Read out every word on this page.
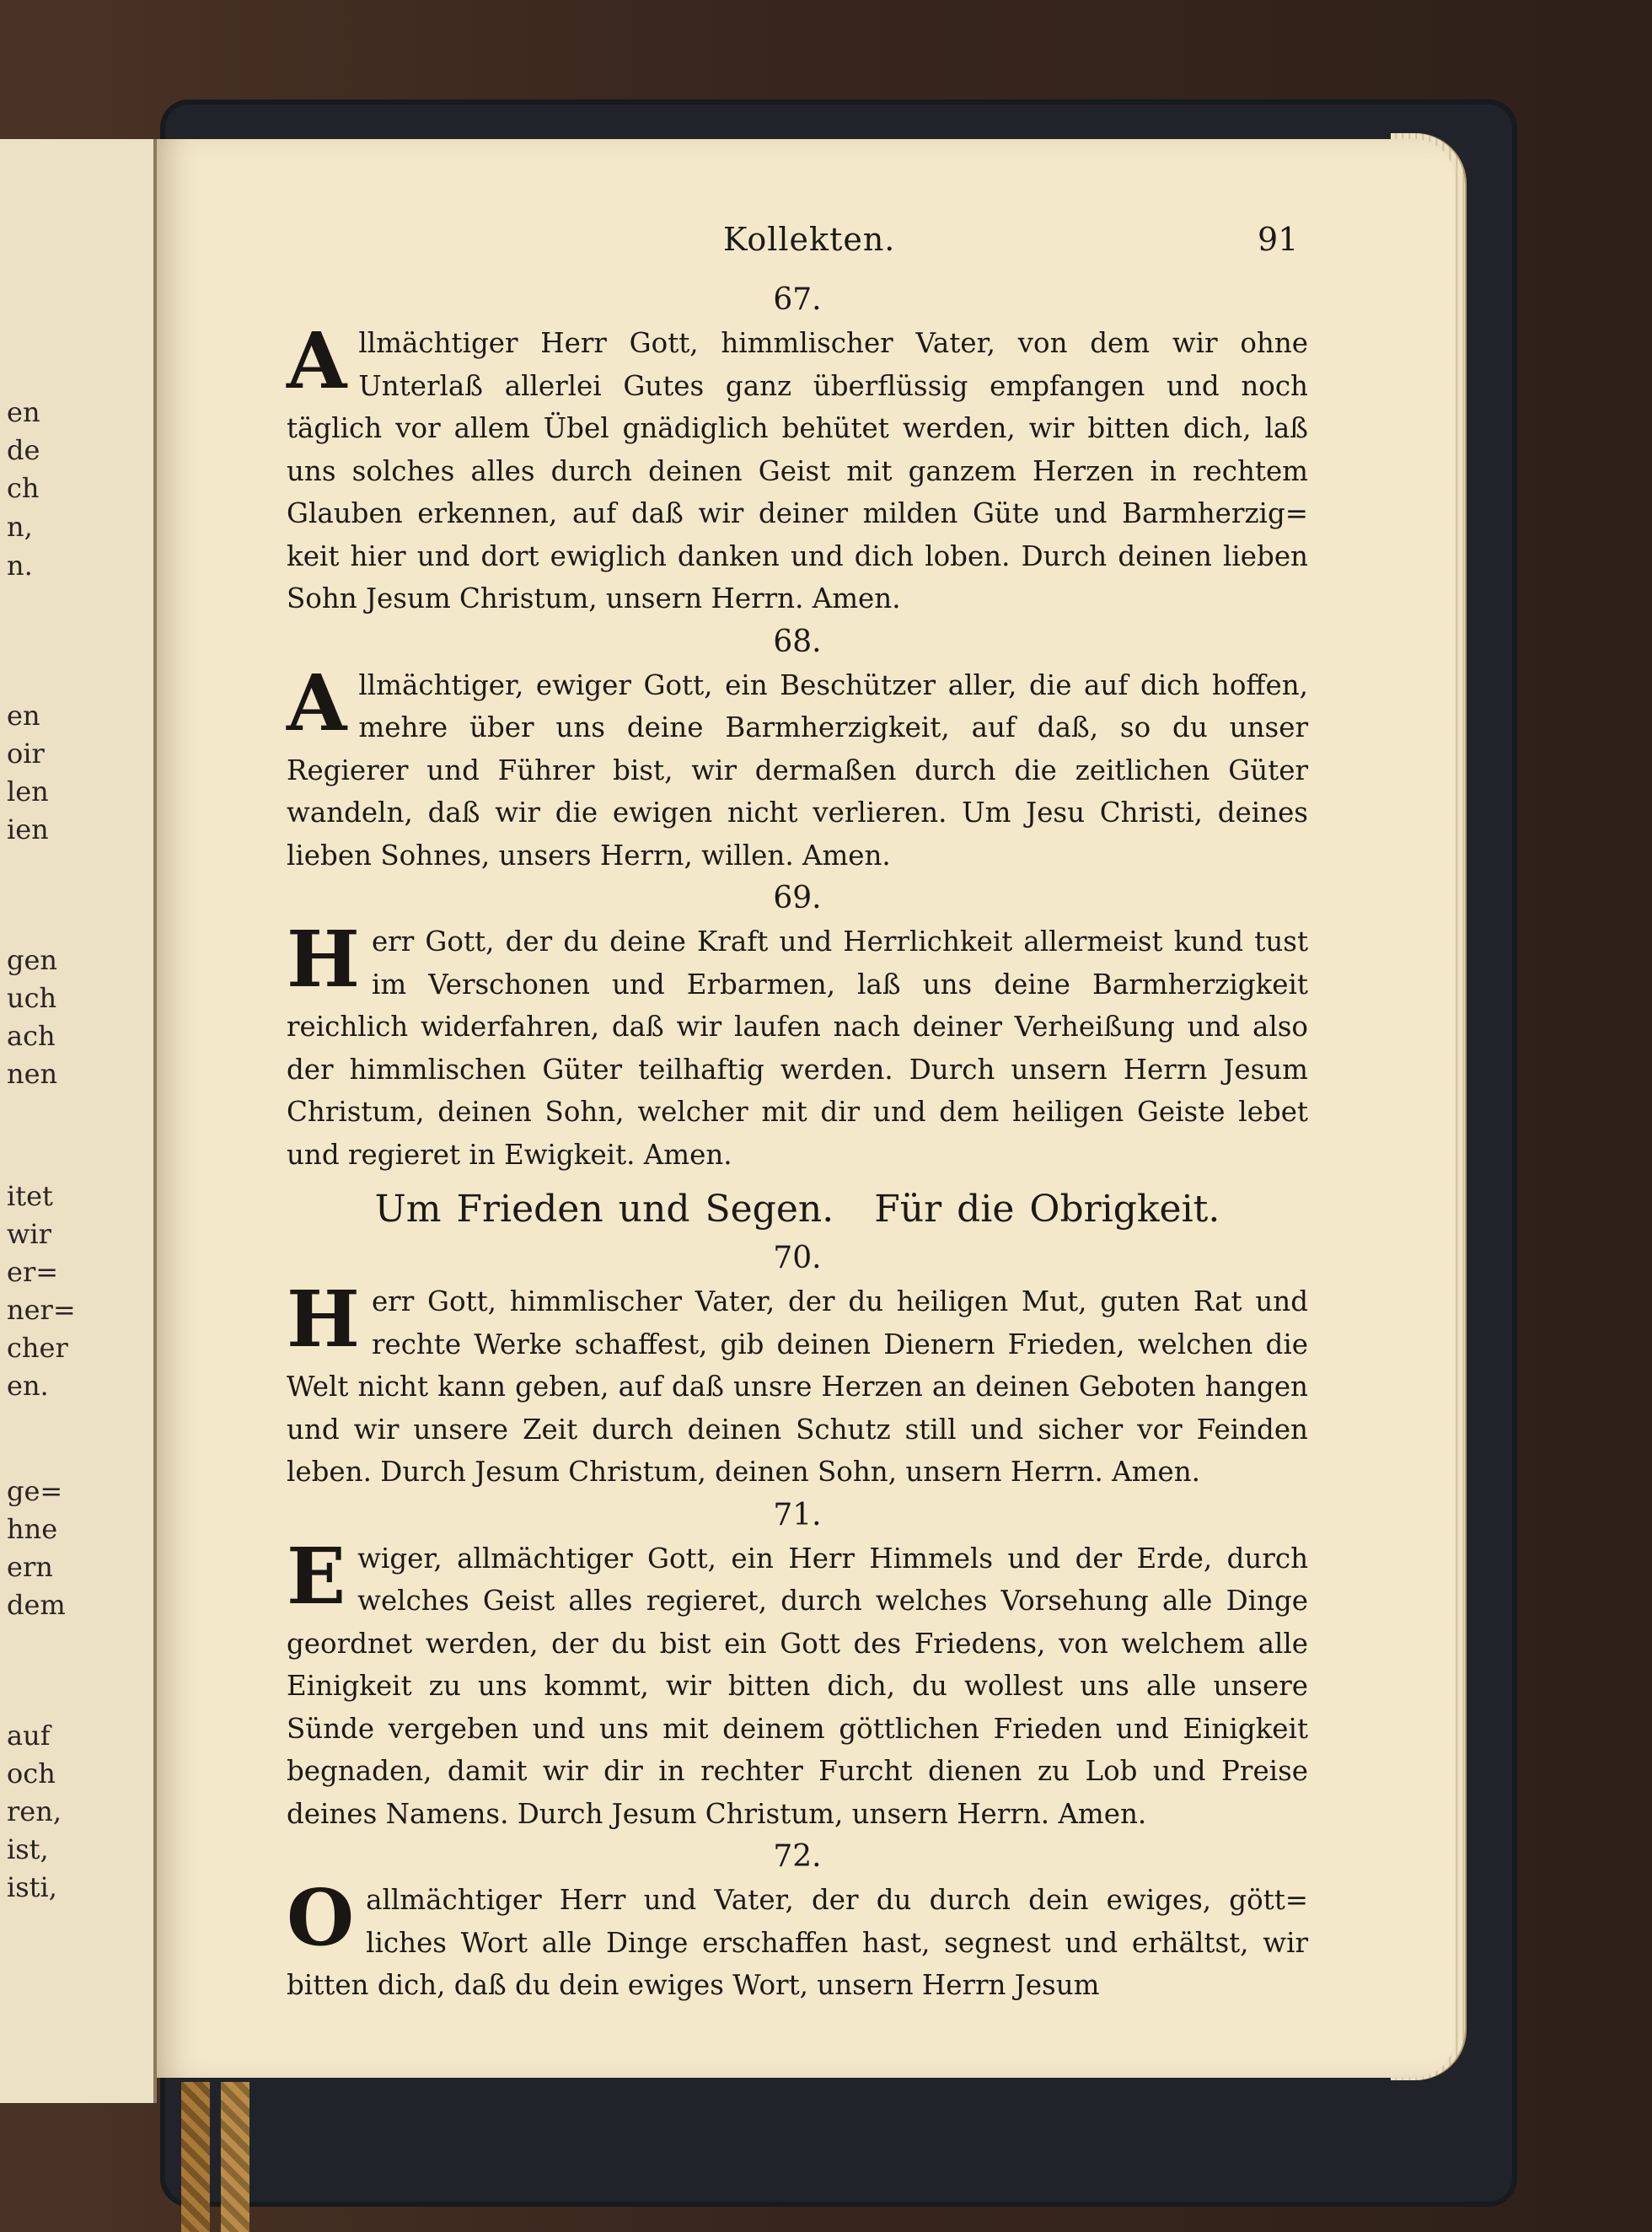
en
de
ch
n,
n.
en
oir
len
ien
gen
uch
ach
nen
itet
wir
er=
ner=
cher
en.
ge=
hne
ern
dem
auf
och
ren,
ist,
isti,
Kollekten.	91
67.
Allmächtiger Herr Gott, himmlischer Vater, von dem wir ohne Unterlaß allerlei Gutes ganz überflüssig empfangen und noch täglich vor allem Übel gnädiglich behütet werden, wir bitten dich, laß uns solches alles durch deinen Geist mit ganzem Herzen in rechtem Glauben erkennen, auf daß wir deiner milden Güte und Barmherzig= keit hier und dort ewiglich danken und dich loben. Durch deinen lieben Sohn Jesum Christum, unsern Herrn. Amen.
68.
Allmächtiger, ewiger Gott, ein Beschützer aller, die auf dich hoffen, mehre über uns deine Barmherzigkeit, auf daß, so du unser Regierer und Führer bist, wir dermaßen durch die zeitlichen Güter wandeln, daß wir die ewigen nicht verlieren. Um Jesu Christi, deines lieben Sohnes, unsers Herrn, willen. Amen.
69.
Herr Gott, der du deine Kraft und Herrlichkeit allermeist kund tust im Verschonen und Erbarmen, laß uns deine Barmherzigkeit reichlich widerfahren, daß wir laufen nach deiner Verheißung und also der himmlischen Güter teilhaftig werden. Durch unsern Herrn Jesum Christum, deinen Sohn, welcher mit dir und dem heiligen Geiste lebet und regieret in Ewigkeit. Amen.
Um Frieden und Segen. Für die Obrigkeit.
70.
Herr Gott, himmlischer Vater, der du heiligen Mut, guten Rat und rechte Werke schaffest, gib deinen Dienern Frieden, welchen die Welt nicht kann geben, auf daß unsre Herzen an deinen Geboten hangen und wir unsere Zeit durch deinen Schutz still und sicher vor Feinden leben. Durch Jesum Christum, deinen Sohn, unsern Herrn. Amen.
71.
Ewiger, allmächtiger Gott, ein Herr Himmels und der Erde, durch welches Geist alles regieret, durch welches Vorsehung alle Dinge geordnet werden, der du bist ein Gott des Friedens, von welchem alle Einigkeit zu uns kommt, wir bitten dich, du wollest uns alle unsere Sünde vergeben und uns mit deinem göttlichen Frieden und Einigkeit begnaden, damit wir dir in rechter Furcht dienen zu Lob und Preise deines Namens. Durch Jesum Christum, unsern Herrn. Amen.
72.
Oallmächtiger Herr und Vater, der du durch dein ewiges, gött= liches Wort alle Dinge erschaffen hast, segnest und erhältst, wir bitten dich, daß du dein ewiges Wort, unsern Herrn Jesum
